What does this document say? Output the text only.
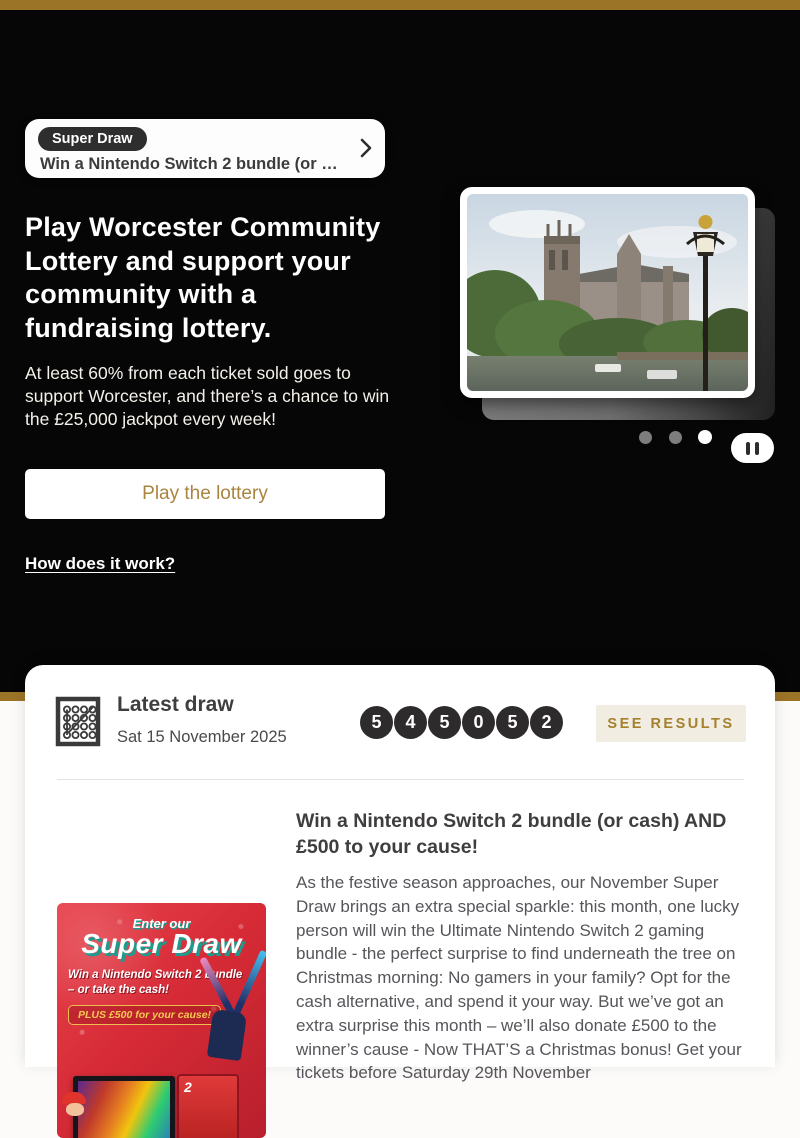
Super Draw
Win a Nintendo Switch 2 bundle (or …
Play Worcester Community Lottery and support your community with a fundraising lottery.

At least 60% from each ticket sold goes to support Worcester, and there’s a chance to win the £25,000 jackpot every week!

Play the lottery
How does it work?
Latest draw
Sat 15 November 2025
5	4	5	0	5	2	SEE RESULTS
Enter our
Super Draw
Win a Nintendo Switch 2 bundle
– or take the cash!
PLUS £500 for your cause!
2
Win a Nintendo Switch 2 bundle (or cash) AND £500 to your cause!

As the festive season approaches, our November Super Draw brings an extra special sparkle: this month, one lucky person will win the Ultimate Nintendo Switch 2 gaming bundle - the perfect surprise to find underneath the tree on Christmas morning: No gamers in your family? Opt for the cash alternative, and spend it your way. But we’ve got an extra surprise this month – we’ll also donate £500 to the winner’s cause - Now THAT’S a Christmas bonus! Get your tickets before Saturday 29th November
